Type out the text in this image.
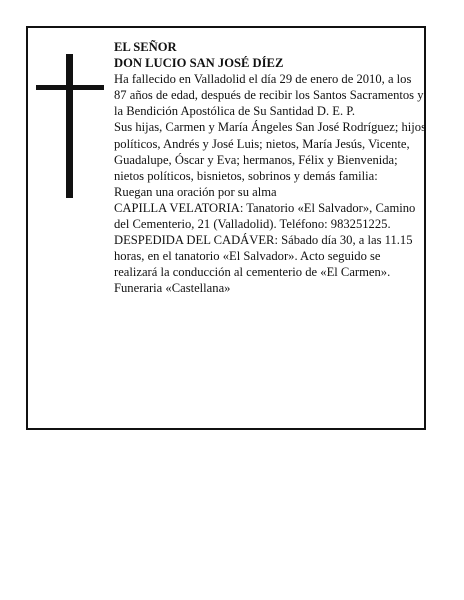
EL SEÑOR

DON LUCIO SAN JOSÉ DÍEZ

Ha fallecido en Valladolid el día 29 de enero de 2010, a los 87 años de edad, después de recibir los Santos Sacramentos y la Bendición Apostólica de Su Santidad D. E. P.

Sus hijas, Carmen y María Ángeles San José Rodríguez; hijos políticos, Andrés y José Luis; nietos, María Jesús, Vicente, Guadalupe, Óscar y Eva; hermanos, Félix y Bienvenida; nietos políticos, bisnietos, sobrinos y demás familia:

Ruegan una oración por su alma

CAPILLA VELATORIA: Tanatorio «El Salvador», Camino del Cementerio, 21 (Valladolid). Teléfono: 983251225.

DESPEDIDA DEL CADÁVER: Sábado día 30, a las 11.15 horas, en el tanatorio «El Salvador». Acto seguido se realizará la conducción al cementerio de «El Carmen».

Funeraria «Castellana»
